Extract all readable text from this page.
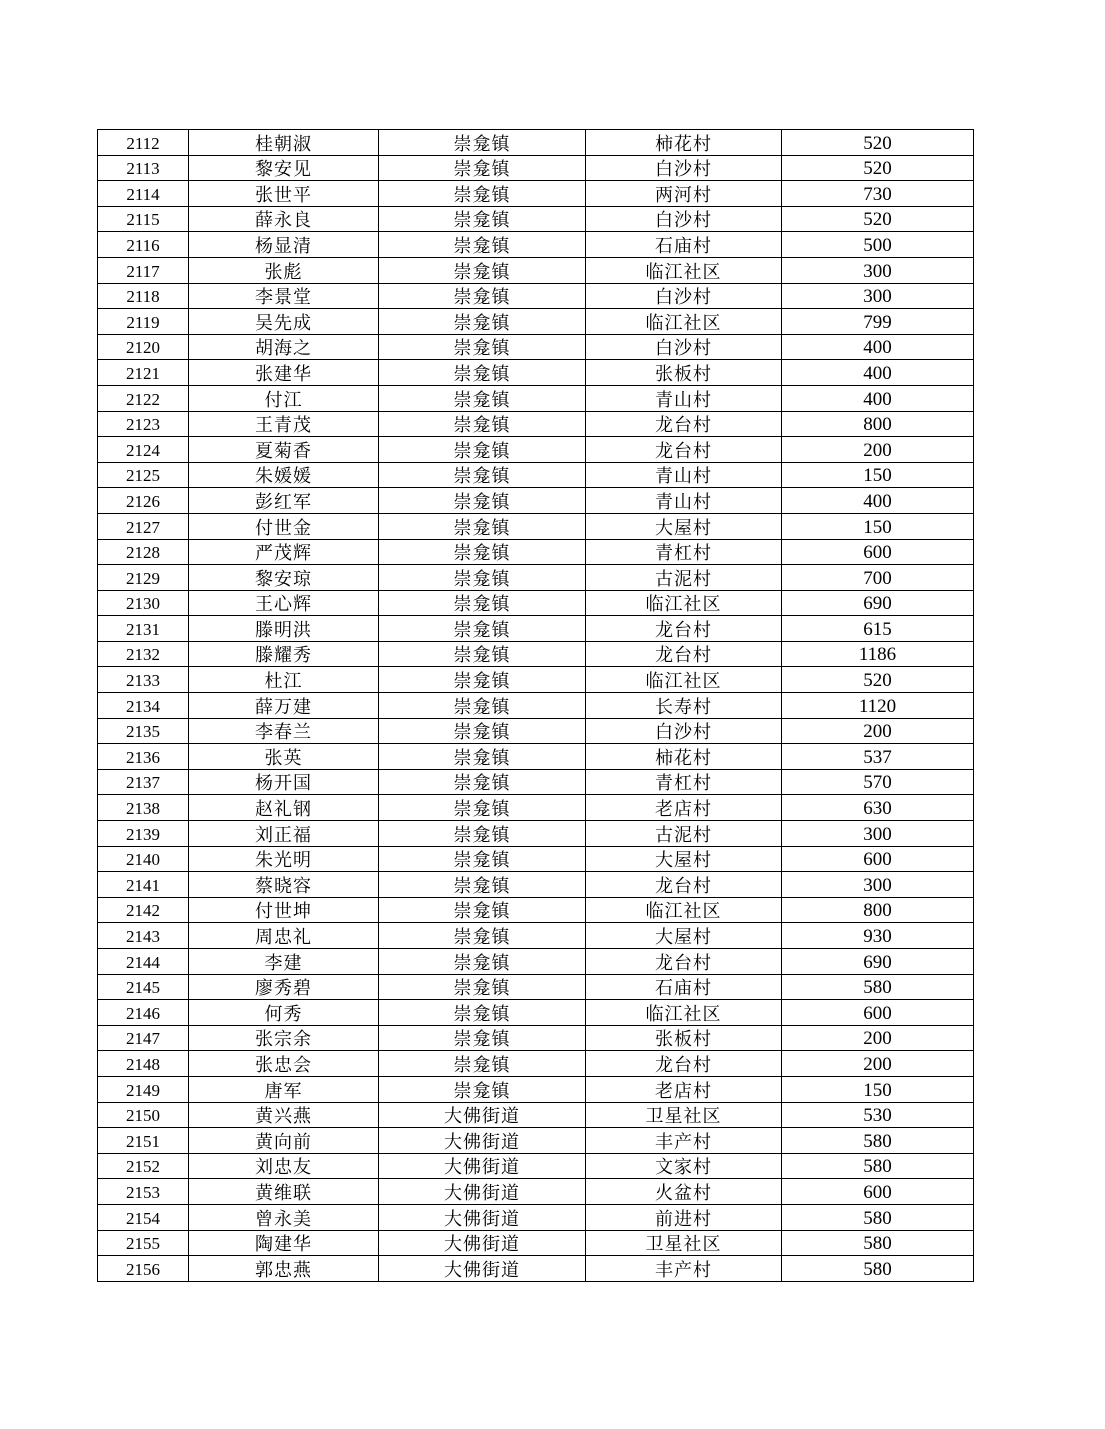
2112	桂朝淑	崇龛镇	柿花村	520
2113	黎安见	崇龛镇	白沙村	520
2114	张世平	崇龛镇	两河村	730
2115	薛永良	崇龛镇	白沙村	520
2116	杨显清	崇龛镇	石庙村	500
2117	张彪	崇龛镇	临江社区	300
2118	李景堂	崇龛镇	白沙村	300
2119	吴先成	崇龛镇	临江社区	799
2120	胡海之	崇龛镇	白沙村	400
2121	张建华	崇龛镇	张板村	400
2122	付江	崇龛镇	青山村	400
2123	王青茂	崇龛镇	龙台村	800
2124	夏菊香	崇龛镇	龙台村	200
2125	朱媛媛	崇龛镇	青山村	150
2126	彭红军	崇龛镇	青山村	400
2127	付世金	崇龛镇	大屋村	150
2128	严茂辉	崇龛镇	青杠村	600
2129	黎安琼	崇龛镇	古泥村	700
2130	王心辉	崇龛镇	临江社区	690
2131	滕明洪	崇龛镇	龙台村	615
2132	滕耀秀	崇龛镇	龙台村	1186
2133	杜江	崇龛镇	临江社区	520
2134	薛万建	崇龛镇	长寿村	1120
2135	李春兰	崇龛镇	白沙村	200
2136	张英	崇龛镇	柿花村	537
2137	杨开国	崇龛镇	青杠村	570
2138	赵礼钢	崇龛镇	老店村	630
2139	刘正福	崇龛镇	古泥村	300
2140	朱光明	崇龛镇	大屋村	600
2141	蔡晓容	崇龛镇	龙台村	300
2142	付世坤	崇龛镇	临江社区	800
2143	周忠礼	崇龛镇	大屋村	930
2144	李建	崇龛镇	龙台村	690
2145	廖秀碧	崇龛镇	石庙村	580
2146	何秀	崇龛镇	临江社区	600
2147	张宗余	崇龛镇	张板村	200
2148	张忠会	崇龛镇	龙台村	200
2149	唐军	崇龛镇	老店村	150
2150	黄兴燕	大佛街道	卫星社区	530
2151	黄向前	大佛街道	丰产村	580
2152	刘忠友	大佛街道	文家村	580
2153	黄维联	大佛街道	火盆村	600
2154	曾永美	大佛街道	前进村	580
2155	陶建华	大佛街道	卫星社区	580
2156	郭忠燕	大佛街道	丰产村	580
